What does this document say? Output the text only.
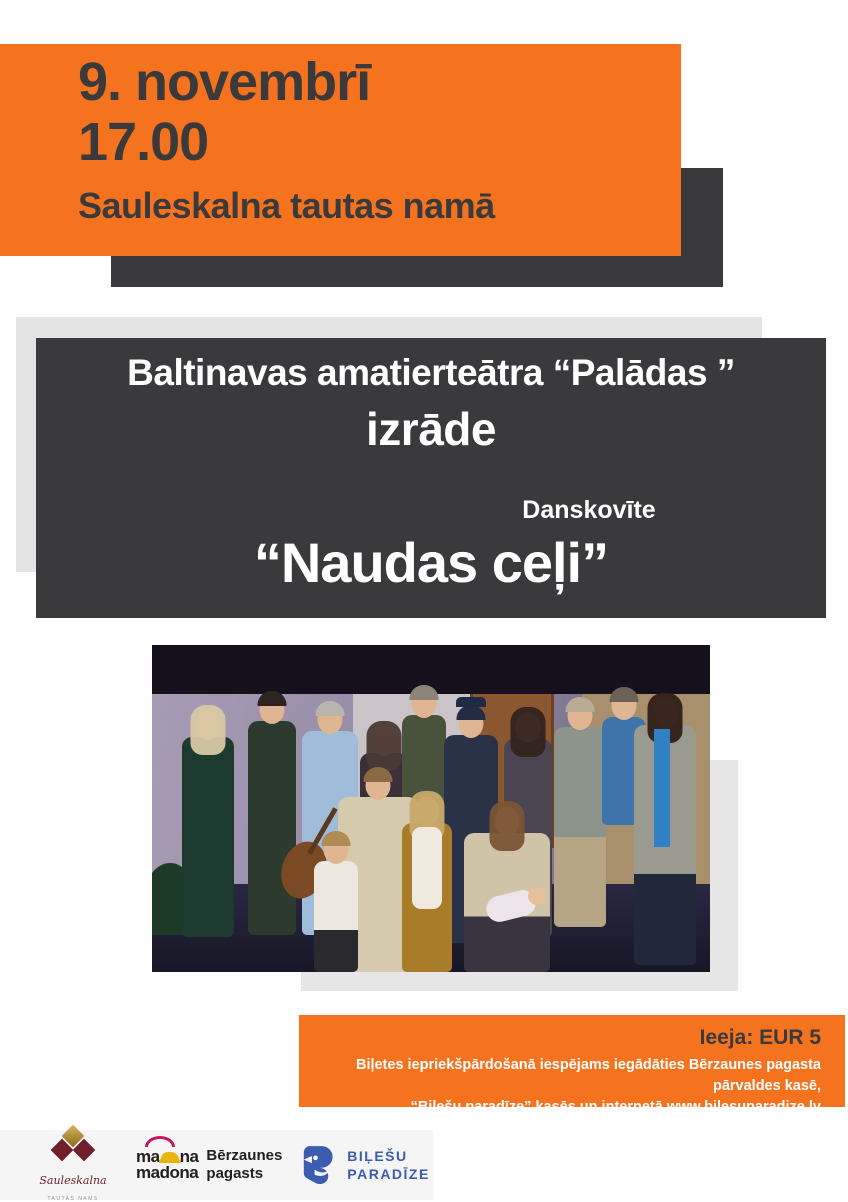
9. novembrī
17.00
Sauleskalna tautas namā
Baltinavas amatierteātra “Palādas ”
izrāde
Danskovīte
“Naudas ceļi”
Ieeja: EUR 5
Biļetes iepriekšpārdošanā iespējams iegādāties Bērzaunes pagasta pārvaldes kasē,
“Biļešu paradīze” kasēs un internetā www.bilesuparadize.lv
Sauleskalna
TAUTAS NAMS
ma na
madona
Bērzaunes
pagasts
BIĻEŠU
PARADĪZE
